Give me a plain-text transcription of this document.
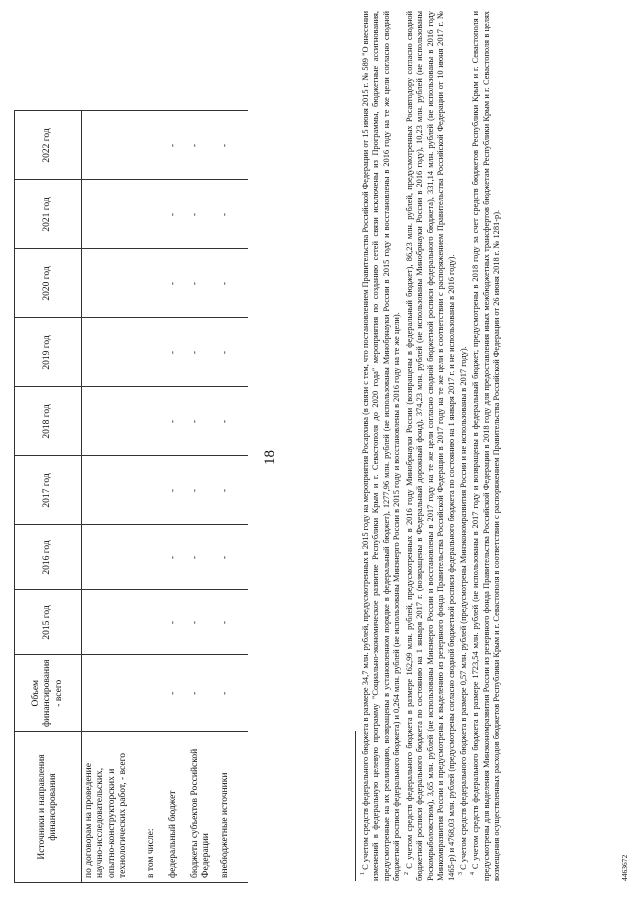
Источники и направления финансирования	Объем финансирования - всего	2015 год	2016 год	2017 год	2018 год	2019 год	2020 год	2021 год	2022 год
по договорам на проведение научно-исследовательских, опытно-конструкторских и технологических работ, - всего									
в том числе:									
федеральный бюджет	-	-	-	-	-	-	-	-	-
бюджеты субъектов Российской Федерации	-	-	-	-	-	-	-	-	-
внебюджетные источники	-	-	-	-	-	-	-	-	-
18

$^1$ С учетом средств федерального бюджета в размере 34,7 млн. рублей, предусмотренных в 2015 году на мероприятия Росархива (в связи с тем, что постановлением Правительства Российской Федерации от 15 июня 2015 г. № 589 "О внесении изменений в федеральную целевую программу "Социально-экономическое развитие Республики Крым и г. Севастополя до 2020 года" мероприятия по созданию сетей связи исключены из Программы, бюджетные ассигнования, предусмотренные на их реализацию, возвращены в установленном порядке в федеральный бюджет), 1277,96 млн. рублей (не использованы Минобрнауки России в 2015 году и восстановлены в 2016 году на те же цели согласно сводной бюджетной росписи федерального бюджета) и 0,264 млн. рублей (не использованы Минэнерго России в 2015 году и восстановлены в 2016 году на те же цели). $^2$ С учетом средств федерального бюджета в размере 162,99 млн. рублей, предусмотренных в 2016 году Минобрнауки России (возвращены в федеральный бюджет), 86,23 млн. рублей, предусмотренных Росавтодору согласно сводной бюджетной росписи федерального бюджета по состоянию на 1 января 2017 г. (возвращены в Федеральный дорожный фонд), 374,23 млн. рублей (не использованы Минобрнауки России в 2016 году), 10,23 млн. рублей (не использованы Роскомрыболовством), 3,65 млн. рублей (не использованы Минэнерго России и восстановлены в 2017 году на те же цели согласно сводной бюджетной росписи федерального бюджета), 331,14 млн. рублей (не использованы в 2016 году Минкомвразвития России и предусмотрены к выделению из резервного фонда Правительства Российской Федерации в 2017 году на те же цели в соответствии с распоряжением Правительства Российской Федерации от 10 июня 2017 г. № 1465-р) и 4768,03 млн. рублей (предусмотрены согласно сводной бюджетной росписи федерального бюджета по состоянию на 1 января 2017 г. и не использованы в 2016 году). $^3$ С учетом средств федерального бюджета в размере 0,57 млн. рублей (предусмотрены Минэкономразвития России и не использованы в 2017 году).

$^4$ С учетом средств федерального бюджета в размере 1723,54 млн. рублей (не использованы в 2017 году и возвращены в федеральный бюджет, предусмотрены в 2018 году за счет средств бюджетов Республики Крым и г. Севастополя и предусмотрены для выделения Минэкономразвития России из резервного фонда Правительства Российской Федерации в 2018 году для предоставления иных межбюджетных трансфертов бюджетам Республики Крым и г. Севастополя в целях возмещения осуществленных расходов бюджетов Республики Крым и г. Севастополя в соответствии с распоряжением Правительства Российской Федерации от 26 июня 2018 г. № 1281-р).	4463672
